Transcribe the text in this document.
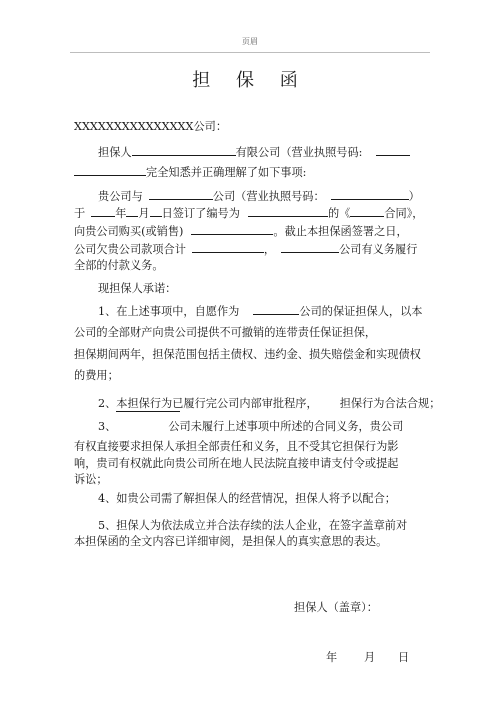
页眉
担 保 函
XXXXXXXXXXXXXXX公司：
担保人	有限公司（营业执照号码:
完全知悉并正确理解了如下事项:
贵公司与	公司（营业执照号码：	）
于	年 月 日签订了编号为	的《	合同》，
向贵公司购买(或销售)	。截止本担保函签署之日，
公司欠贵公司款项合计	，	公司有义务履行
全部的付款义务。
现担保人承诺：
1、在上述事项中，自愿作为	公司的保证担保人，以本
公司的全部财产向贵公司提供不可撤销的连带责任保证担保，
担保期间两年，担保范围包括主债权、违约金、损失赔偿金和实现债权
的费用；
2、本担保行为已履行完公司内部审批程序， 担保行为合法合规；
3、	公司未履行上述事项中所述的合同义务，贵公司
有权直接要求担保人承担全部责任和义务，且不受其它担保行为影
响，贵司有权就此向贵公司所在地人民法院直接申请支付令或提起
诉讼；
4、如贵公司需了解担保人的经营情况，担保人将予以配合；
5、担保人为依法成立并合法存续的法人企业，在签字盖章前对
本担保函的全文内容已详细审阅，是担保人的真实意思的表达。
担保人（盖章）：
年 月 日
